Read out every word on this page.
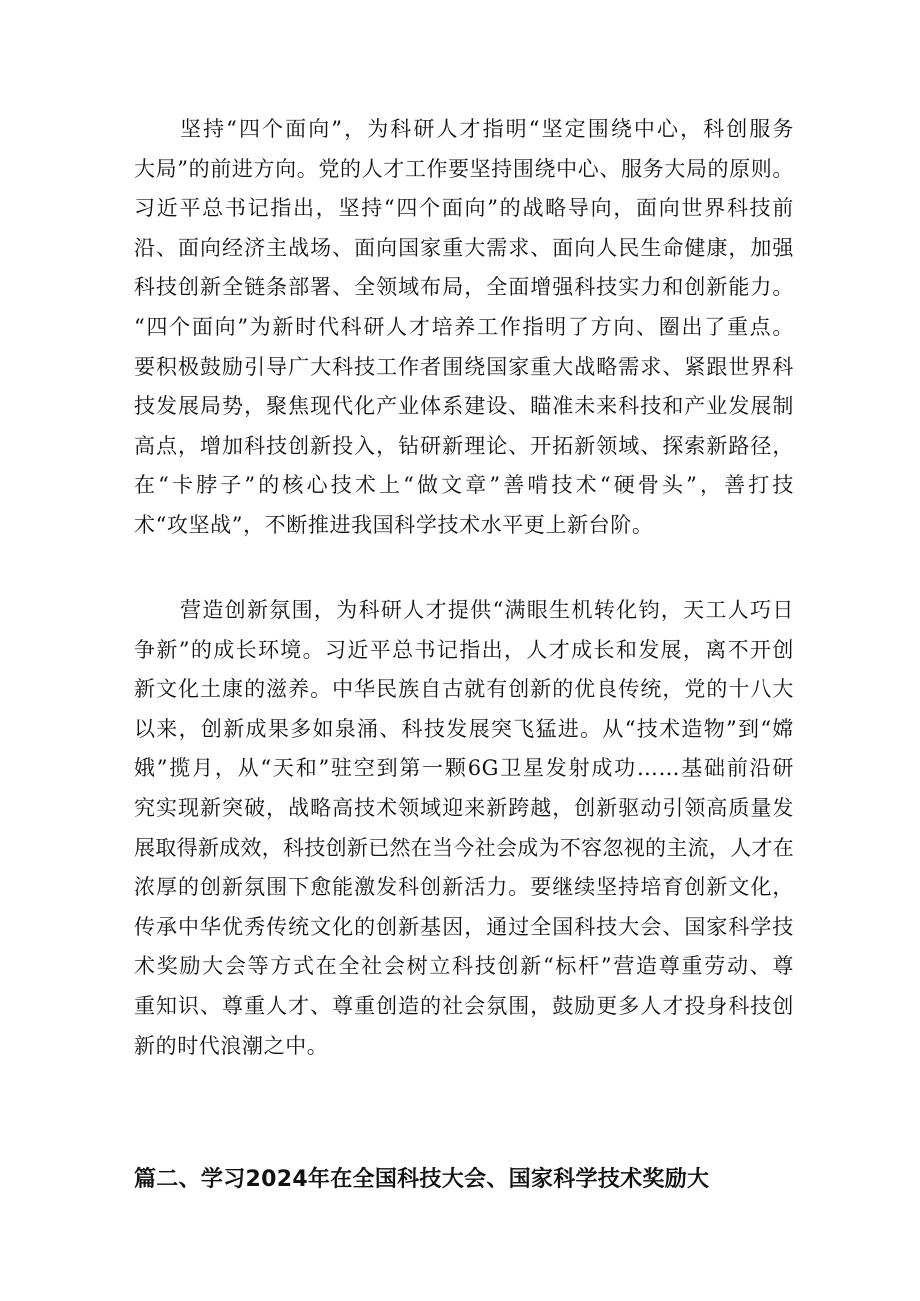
坚持“四个面向”，为科研人才指明“坚定围绕中心，科创服务
大局”的前进方向。党的人才工作要坚持围绕中心、服务大局的原则。
习近平总书记指出，坚持“四个面向”的战略导向，面向世界科技前
沿、面向经济主战场、面向国家重大需求、面向人民生命健康，加强
科技创新全链条部署、全领域布局，全面增强科技实力和创新能力。
“四个面向”为新时代科研人才培养工作指明了方向、圈出了重点。
要积极鼓励引导广大科技工作者围绕国家重大战略需求、紧跟世界科
技发展局势，聚焦现代化产业体系建设、瞄准未来科技和产业发展制
高点，增加科技创新投入，钻研新理论、开拓新领域、探索新路径，
在“卡脖子”的核心技术上“做文章”善啃技术“硬骨头”，善打技
术“攻坚战”，不断推进我国科学技术水平更上新台阶。
营造创新氛围，为科研人才提供“满眼生机转化钧，天工人巧日
争新”的成长环境。习近平总书记指出，人才成长和发展，离不开创
新文化土康的滋养。中华民族自古就有创新的优良传统，党的十八大
以来，创新成果多如泉涌、科技发展突飞猛进。从“技术造物”到“嫦
娥”揽月，从“天和”驻空到第一颗6G卫星发射成功……基础前沿研
究实现新突破，战略高技术领域迎来新跨越，创新驱动引领高质量发
展取得新成效，科技创新已然在当今社会成为不容忽视的主流，人才在
浓厚的创新氛围下愈能激发科创新活力。要继续坚持培育创新文化，
传承中华优秀传统文化的创新基因，通过全国科技大会、国家科学技
术奖励大会等方式在全社会树立科技创新“标杆”营造尊重劳动、尊
重知识、尊重人才、尊重创造的社会氛围，鼓励更多人才投身科技创
新的时代浪潮之中。
篇二、学习2024年在全国科技大会、国家科学技术奖励大
